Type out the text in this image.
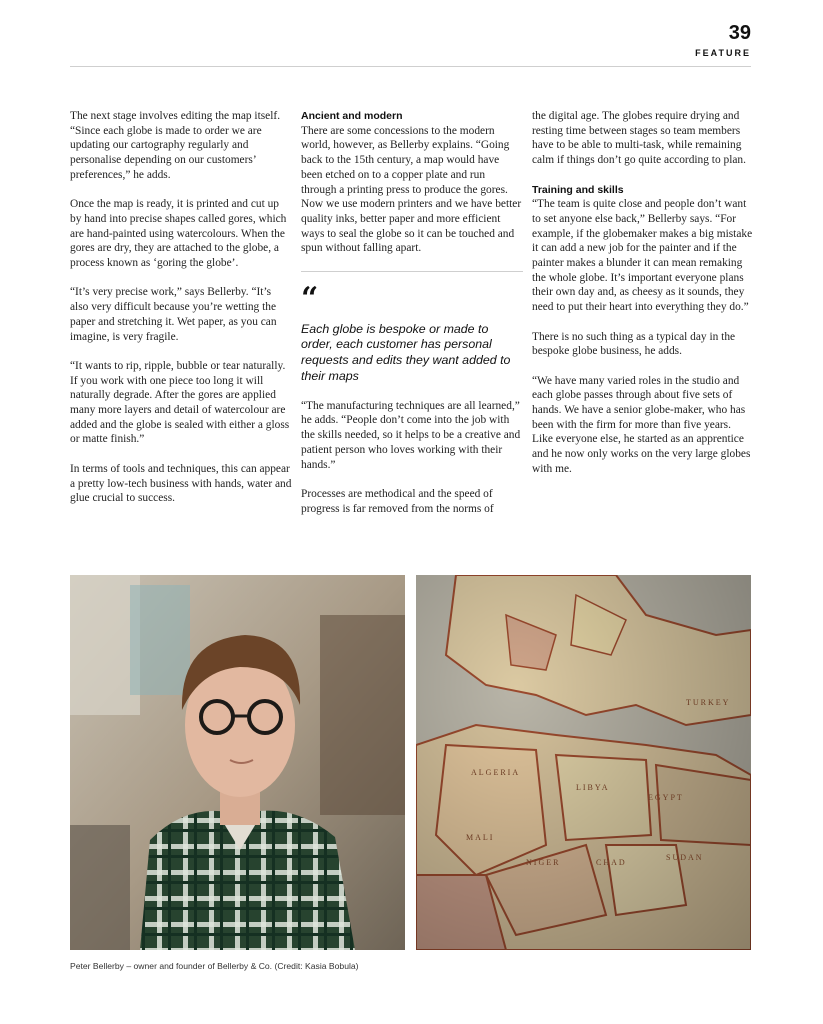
39
FEATURE

The next stage involves editing the map itself. “Since each globe is made to order we are updating our cartography regularly and personalise depending on our customers’ preferences,” he adds.

Once the map is ready, it is printed and cut up by hand into precise shapes called gores, which are hand-painted using watercolours. When the gores are dry, they are attached to the globe, a process known as ‘goring the globe’.

“It’s very precise work,” says Bellerby. “It’s also very difficult because you’re wetting the paper and stretching it. Wet paper, as you can imagine, is very fragile.

“It wants to rip, ripple, bubble or tear naturally. If you work with one piece too long it will naturally degrade. After the gores are applied many more layers and detail of watercolour are added and the globe is sealed with either a gloss or matte finish.”

In terms of tools and techniques, this can appear a pretty low-tech business with hands, water and glue crucial to success.

Ancient and modern

There are some concessions to the modern world, however, as Bellerby explains. “Going back to the 15th century, a map would have been etched on to a copper plate and run through a printing press to produce the gores. Now we use modern printers and we have better quality inks, better paper and more efficient ways to seal the globe so it can be touched and spun without falling apart.

“

Each globe is bespoke or made to order, each customer has personal requests and edits they want added to their maps

“The manufacturing techniques are all learned,” he adds. “People don’t come into the job with the skills needed, so it helps to be a creative and patient person who loves working with their hands.”

Processes are methodical and the speed of progress is far removed from the norms of

the digital age. The globes require drying and resting time between stages so team members have to be able to multi-task, while remaining calm if things don’t go quite according to plan.

Training and skills

“The team is quite close and people don’t want to set anyone else back,” Bellerby says. “For example, if the globemaker makes a big mistake it can add a new job for the painter and if the painter makes a blunder it can mean remaking the whole globe. It’s important everyone plans their own day and, as cheesy as it sounds, they need to put their heart into everything they do.”

There is no such thing as a typical day in the bespoke globe business, he adds.

“We have many varied roles in the studio and each globe passes through about five sets of hands. We have a senior globe-maker, who has been with the firm for more than five years. Like everyone else, he started as an apprentice and he now only works on the very large globes with me.

ALGERIA
LIBYA
EGYPT
MALI
NIGER	CHAD
SUDAN
TURKEY
Peter Bellerby – owner and founder of Bellerby & Co. (Credit: Kasia Bobula)
